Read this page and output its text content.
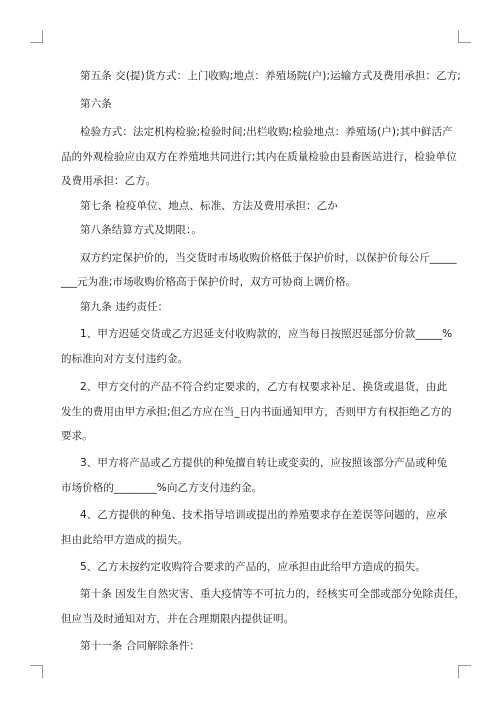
第五条 交(提)货方式：上门收购;地点：养殖场院(户);运输方式及费用承担：乙方;
第六条
检验方式：法定机构检验;检验时间;出栏收购;检验地点：养殖场(户);其中鲜活产
品的外观检验应由双方在养殖地共同进行;其内在质量检验由县畜医站进行，检验单位
及费用承担：乙方。
第七条 检疫单位、地点、标准、方法及费用承担：乙か
第八条结算方式及期限：。
双方约定保护价的，当交货时市场收购价格低于保护价时，以保护价每公斤_____
___元为准;市场收购价格高于保护价时，双方可协商上调价格。
第九条 违约责任：
1、甲方迟延交货或乙方迟延支付收购款的，应当每日按照迟延部分价款_____%
的标准向对方支付违约金。
2、甲方交付的产品不符合约定要求的，乙方有权要求补足、换货或退货，由此
发生的费用由甲方承担;但乙方应在当_日内书面通知甲方，否则甲方有权拒绝乙方的
要求。
3、甲方将产品或乙方提供的种兔擅自转让或变卖的，应按照该部分产品或种兔
市场价格的________%向乙方支付违约金。
4、乙方提供的种兔、技术指导培训或提出的养殖要求存在差误等问题的，应承
担由此给甲方造成的损失。
5、乙方未按约定收购符合要求的产品的，应承担由此给甲方造成的损失。
第十条 因发生自然灾害、重大疫情等不可抗力的，经核实可全部或部分免除责任，
但应当及时通知对方，并在合理期限内提供证明。
第十一条 合同解除条件：
